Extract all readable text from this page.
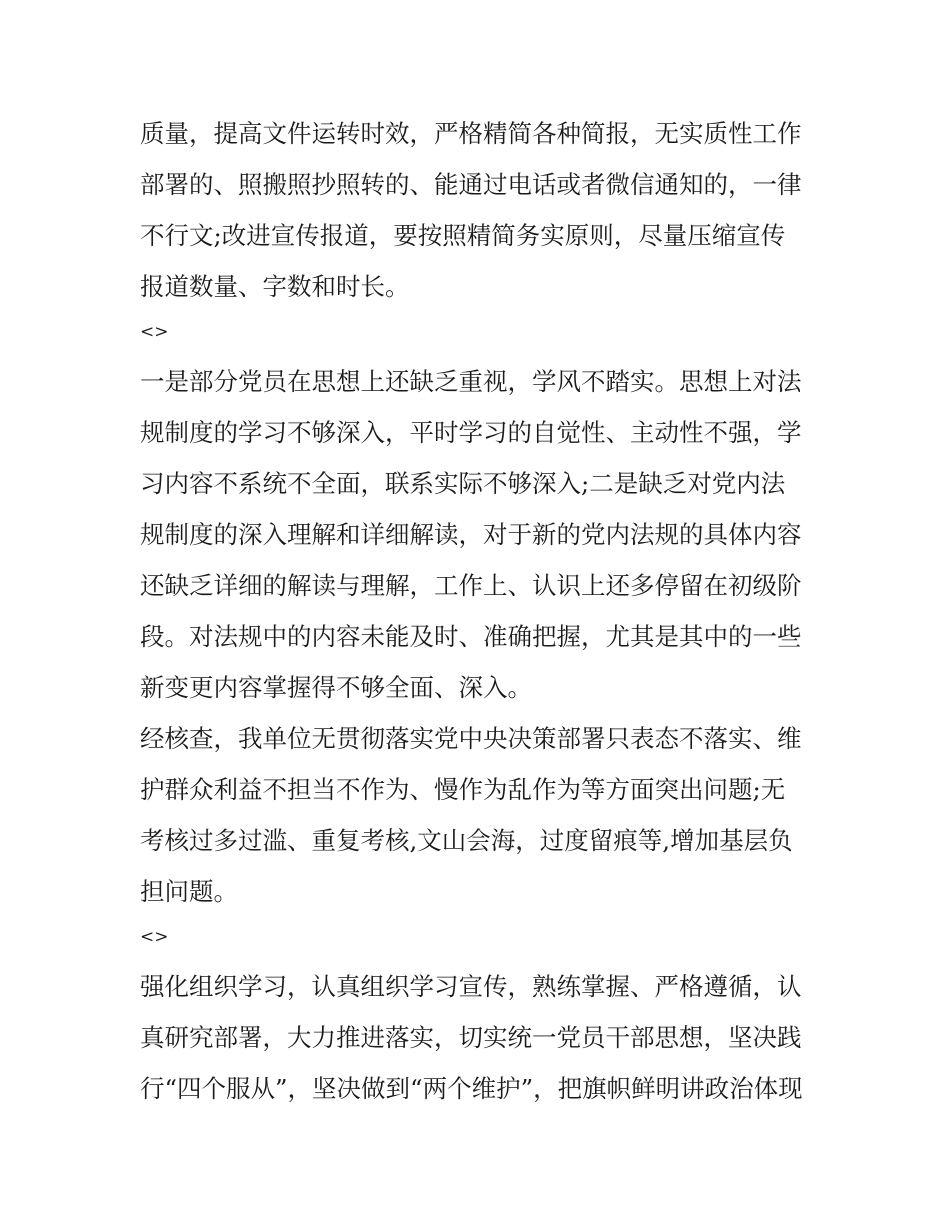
质量，提高文件运转时效，严格精简各种简报，无实质性工作
部署的、照搬照抄照转的、能通过电话或者微信通知的，一律
不行文;改进宣传报道，要按照精简务实原则，尽量压缩宣传
报道数量、字数和时长。
<>
一是部分党员在思想上还缺乏重视，学风不踏实。思想上对法
规制度的学习不够深入，平时学习的自觉性、主动性不强，学
习内容不系统不全面，联系实际不够深入;二是缺乏对党内法
规制度的深入理解和详细解读，对于新的党内法规的具体内容
还缺乏详细的解读与理解，工作上、认识上还多停留在初级阶
段。对法规中的内容未能及时、准确把握，尤其是其中的一些
新变更内容掌握得不够全面、深入。
经核查，我单位无贯彻落实党中央决策部署只表态不落实、维
护群众利益不担当不作为、慢作为乱作为等方面突出问题;无
考核过多过滥、重复考核,文山会海，过度留痕等,增加基层负
担问题。
<>
强化组织学习，认真组织学习宣传，熟练掌握、严格遵循，认
真研究部署，大力推进落实，切实统一党员干部思想，坚决践
行“四个服从”，坚决做到“两个维护”，把旗帜鲜明讲政治体现
